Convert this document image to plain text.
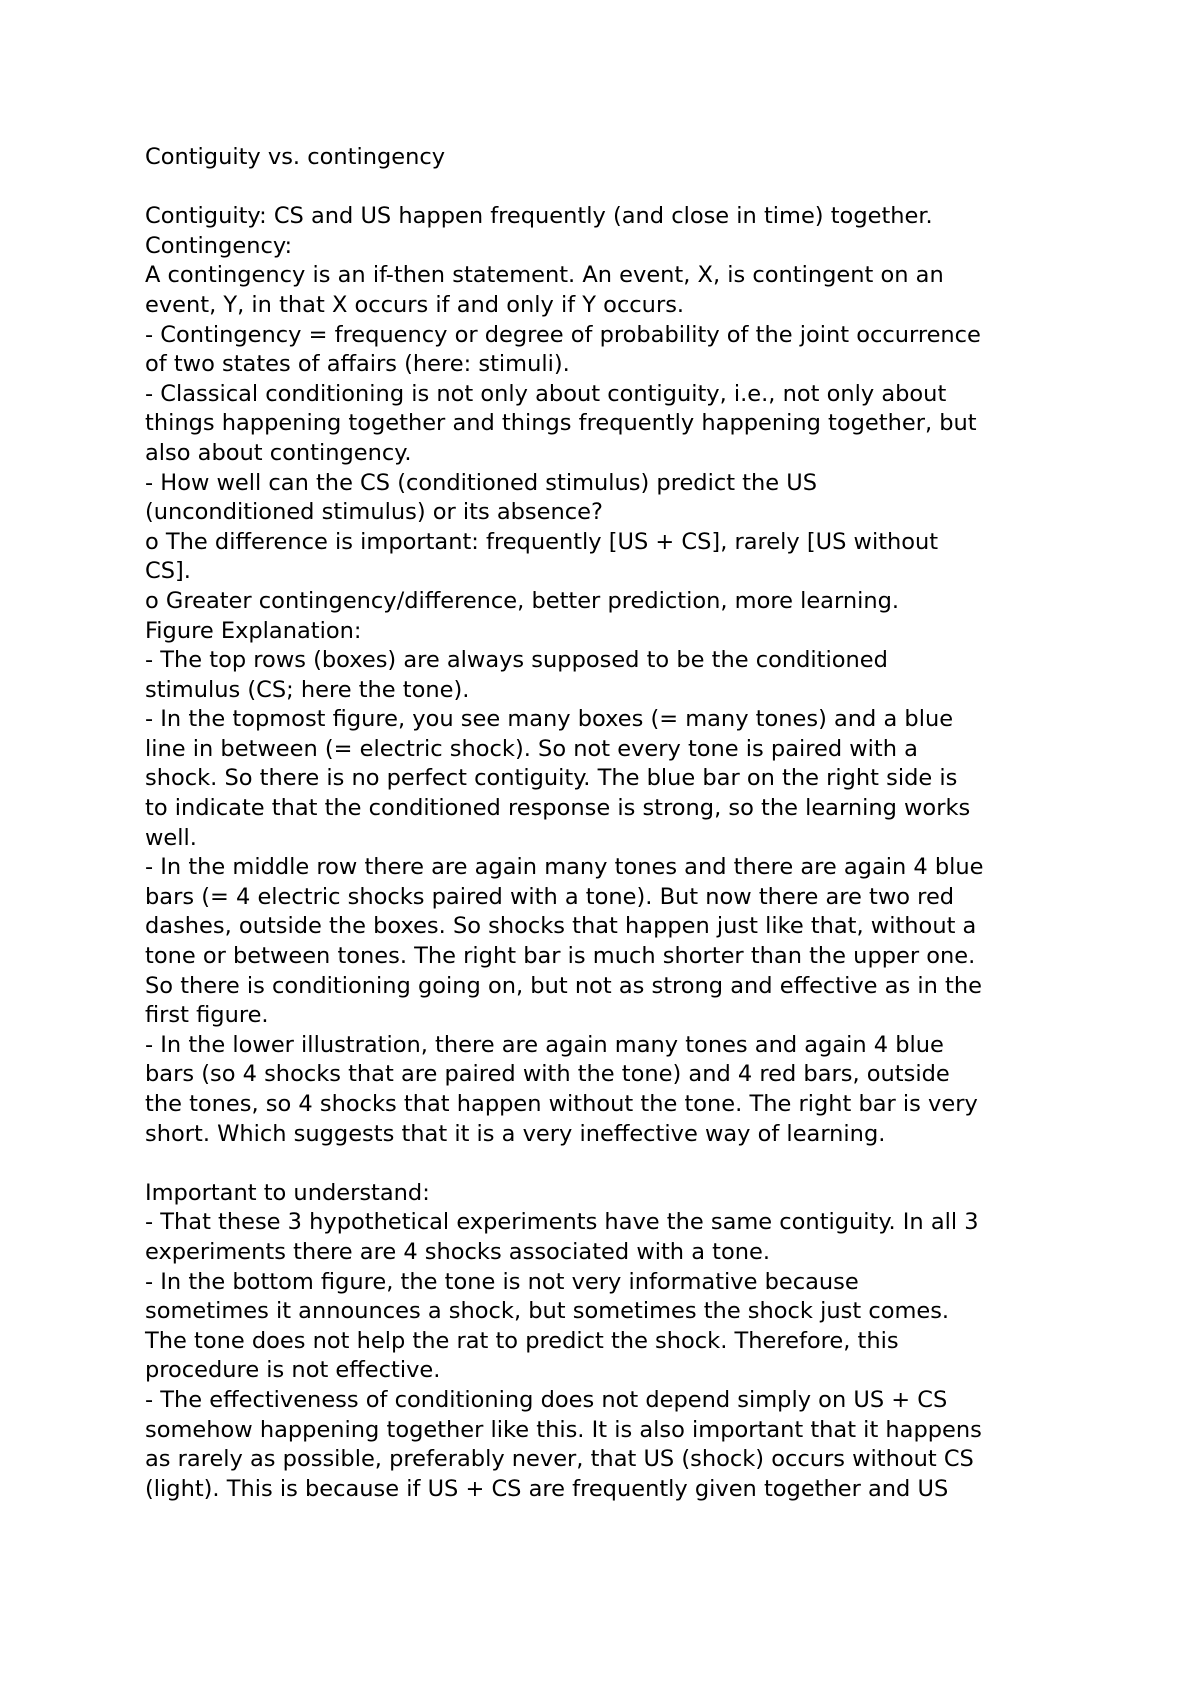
Contiguity vs. contingency
Contiguity: CS and US happen frequently (and close in time) together.
Contingency:
A contingency is an if-then statement. An event, X, is contingent on an
event, Y, in that X occurs if and only if Y occurs.
- Contingency = frequency or degree of probability of the joint occurrence
of two states of affairs (here: stimuli).
- Classical conditioning is not only about contiguity, i.e., not only about
things happening together and things frequently happening together, but
also about contingency.
- How well can the CS (conditioned stimulus) predict the US
(unconditioned stimulus) or its absence?
o The difference is important: frequently [US + CS], rarely [US without
CS].
o Greater contingency/difference, better prediction, more learning.
Figure Explanation:
- The top rows (boxes) are always supposed to be the conditioned
stimulus (CS; here the tone).
- In the topmost figure, you see many boxes (= many tones) and a blue
line in between (= electric shock). So not every tone is paired with a
shock. So there is no perfect contiguity. The blue bar on the right side is
to indicate that the conditioned response is strong, so the learning works
well.
- In the middle row there are again many tones and there are again 4 blue
bars (= 4 electric shocks paired with a tone). But now there are two red
dashes, outside the boxes. So shocks that happen just like that, without a
tone or between tones. The right bar is much shorter than the upper one.
So there is conditioning going on, but not as strong and effective as in the
first figure.
- In the lower illustration, there are again many tones and again 4 blue
bars (so 4 shocks that are paired with the tone) and 4 red bars, outside
the tones, so 4 shocks that happen without the tone. The right bar is very
short. Which suggests that it is a very ineffective way of learning.
Important to understand:
- That these 3 hypothetical experiments have the same contiguity. In all 3
experiments there are 4 shocks associated with a tone.
- In the bottom figure, the tone is not very informative because
sometimes it announces a shock, but sometimes the shock just comes.
The tone does not help the rat to predict the shock. Therefore, this
procedure is not effective.
- The effectiveness of conditioning does not depend simply on US + CS
somehow happening together like this. It is also important that it happens
as rarely as possible, preferably never, that US (shock) occurs without CS
(light). This is because if US + CS are frequently given together and US
